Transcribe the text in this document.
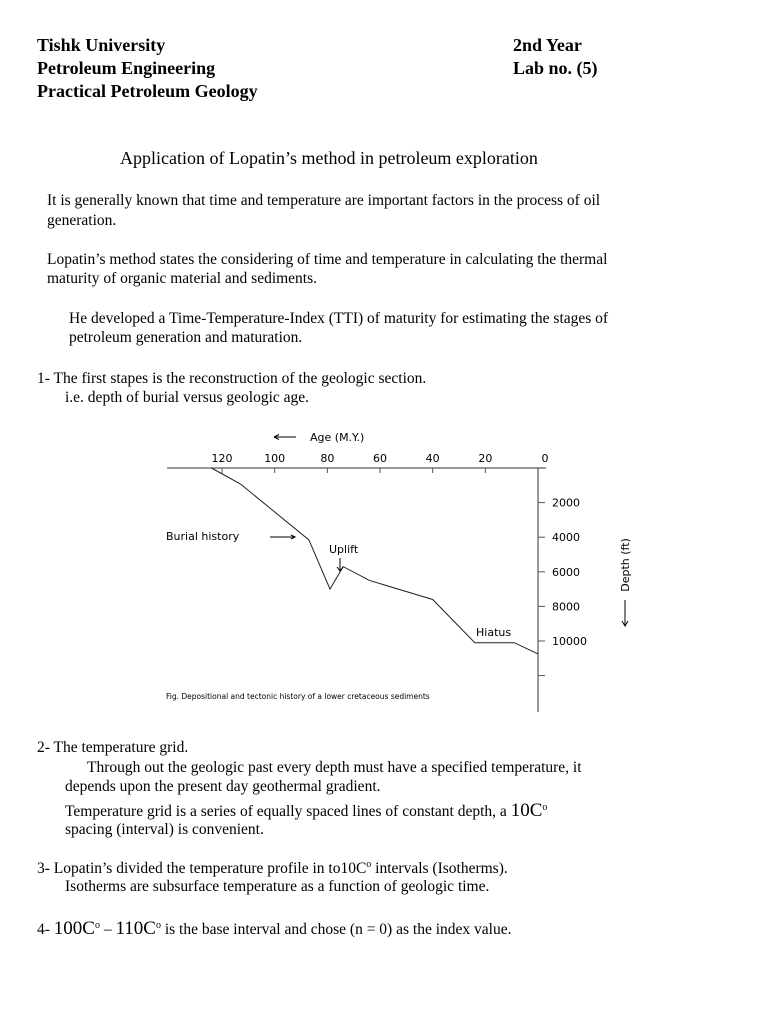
Tishk University
Petroleum Engineering
Practical Petroleum Geology
2nd Year
Lab no. (5)
Application of Lopatin’s method in petroleum exploration
It is generally known that time and temperature are important factors in the process of oil
generation.
Lopatin’s method states the considering of time and temperature in calculating the thermal
maturity of organic material and sediments.
He developed a Time-Temperature-Index (TTI) of maturity for estimating the stages of
petroleum generation and maturation.
1- The first stapes is the reconstruction of the geologic section.
i.e. depth of burial versus geologic age.
120	100	80	60	40	20	0
2000
4000
6000
8000
10000
Age (M.Y.)
Depth (ft)
Burial history
Uplift
Hiatus
Fig. Depositional and tectonic history of a lower cretaceous sediments
2- The temperature grid.
Through out the geologic past every depth must have a specified temperature, it
depends upon the present day geothermal gradient.
Temperature grid is a series of equally spaced lines of constant depth, a $10C^o$
spacing (interval) is convenient.
3- Lopatin’s divided the temperature profile in $to10C^o$ intervals (Isotherms).
Isotherms are subsurface temperature as a function of geologic time.
4- $100C^o - 110C^o$ is the base interval and chose (n = 0) as the index value.
